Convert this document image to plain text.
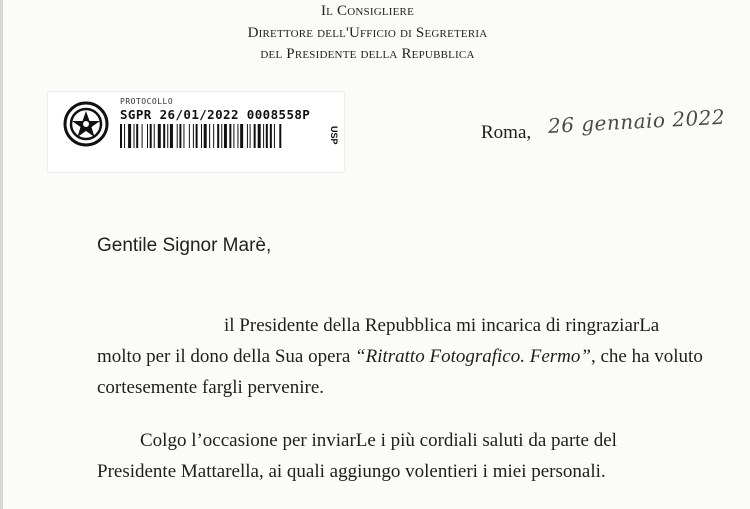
Il Consigliere
Direttore dell'Ufficio di Segreteria
del Presidente della Repubblica
PROTOCOLLO
SGPR 26/01/2022 0008558P
USP	Roma, 26 gennaio 2022
Gentile Signor Marè,
il Presidente della Repubblica mi incarica di ringraziarLa
molto per il dono della Sua opera “Ritratto Fotografico. Fermo”, che ha voluto
cortesemente fargli pervenire.
Colgo l’occasione per inviarLe i più cordiali saluti da parte del
Presidente Mattarella, ai quali aggiungo volentieri i miei personali.
